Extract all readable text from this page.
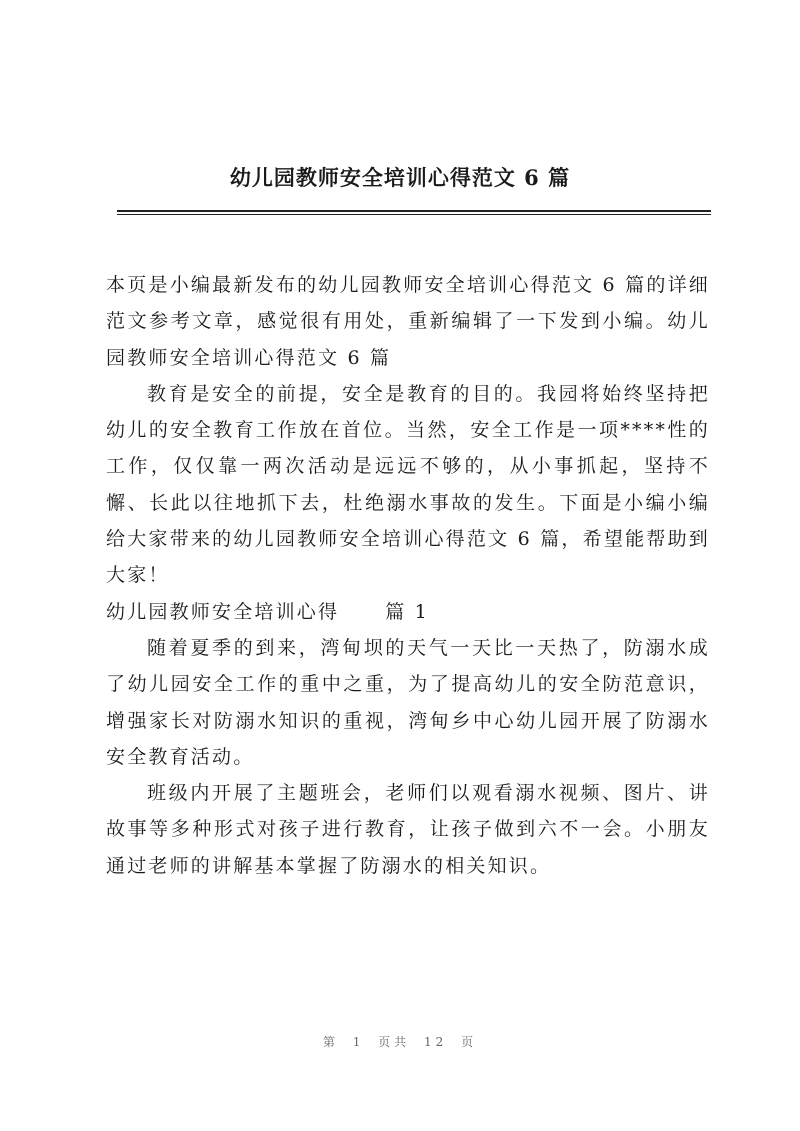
幼儿园教师安全培训心得范文 6 篇

本页是小编最新发布的幼儿园教师安全培训心得范文 6 篇的详细范文参考文章，感觉很有用处，重新编辑了一下发到小编。幼儿园教师安全培训心得范文 6 篇

教育是安全的前提，安全是教育的目的。我园将始终坚持把幼儿的安全教育工作放在首位。当然，安全工作是一项****性的工作，仅仅靠一两次活动是远远不够的，从小事抓起，坚持不懈、长此以往地抓下去，杜绝溺水事故的发生。下面是小编小编给大家带来的幼儿园教师安全培训心得范文 6 篇，希望能帮助到大家！

幼儿园教师安全培训心得 篇 1

随着夏季的到来，湾甸坝的天气一天比一天热了，防溺水成了幼儿园安全工作的重中之重，为了提高幼儿的安全防范意识，增强家长对防溺水知识的重视，湾甸乡中心幼儿园开展了防溺水安全教育活动。

班级内开展了主题班会，老师们以观看溺水视频、图片、讲故事等多种形式对孩子进行教育，让孩子做到六不一会。小朋友通过老师的讲解基本掌握了防溺水的相关知识。

第 1 页共 12 页
